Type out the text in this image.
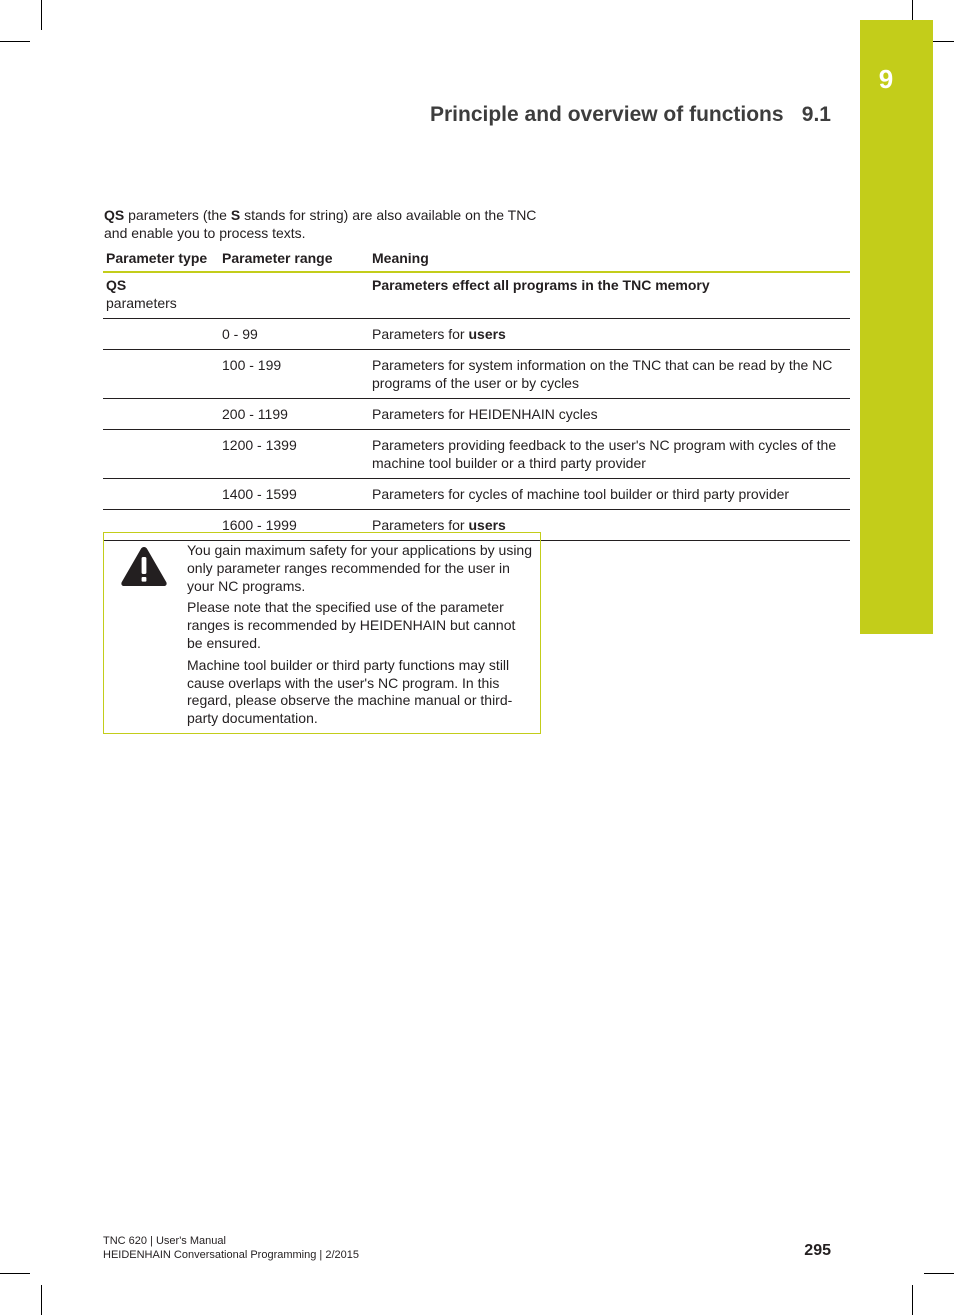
9
Principle and overview of functions 9.1
QS parameters (the S stands for string) are also available on the TNC and enable you to process texts.
Parameter type	Parameter range	Meaning
QS
parameters		Parameters effect all programs in the TNC memory
	0 - 99	Parameters for users
	100 - 199	Parameters for system information on the TNC that can be read by the NC programs of the user or by cycles
	200 - 1199	Parameters for HEIDENHAIN cycles
	1200 - 1399	Parameters providing feedback to the user's NC program with cycles of the machine tool builder or a third party provider
	1400 - 1599	Parameters for cycles of machine tool builder or third party provider
	1600 - 1999	Parameters for users

You gain maximum safety for your applications by using only parameter ranges recommended for the user in your NC programs.

Please note that the specified use of the parameter ranges is recommended by HEIDENHAIN but cannot be ensured.

Machine tool builder or third party functions may still cause overlaps with the user's NC program. In this regard, please observe the machine manual or third-party documentation.

TNC 620 | User's Manual
HEIDENHAIN Conversational Programming | 2/2015	295
